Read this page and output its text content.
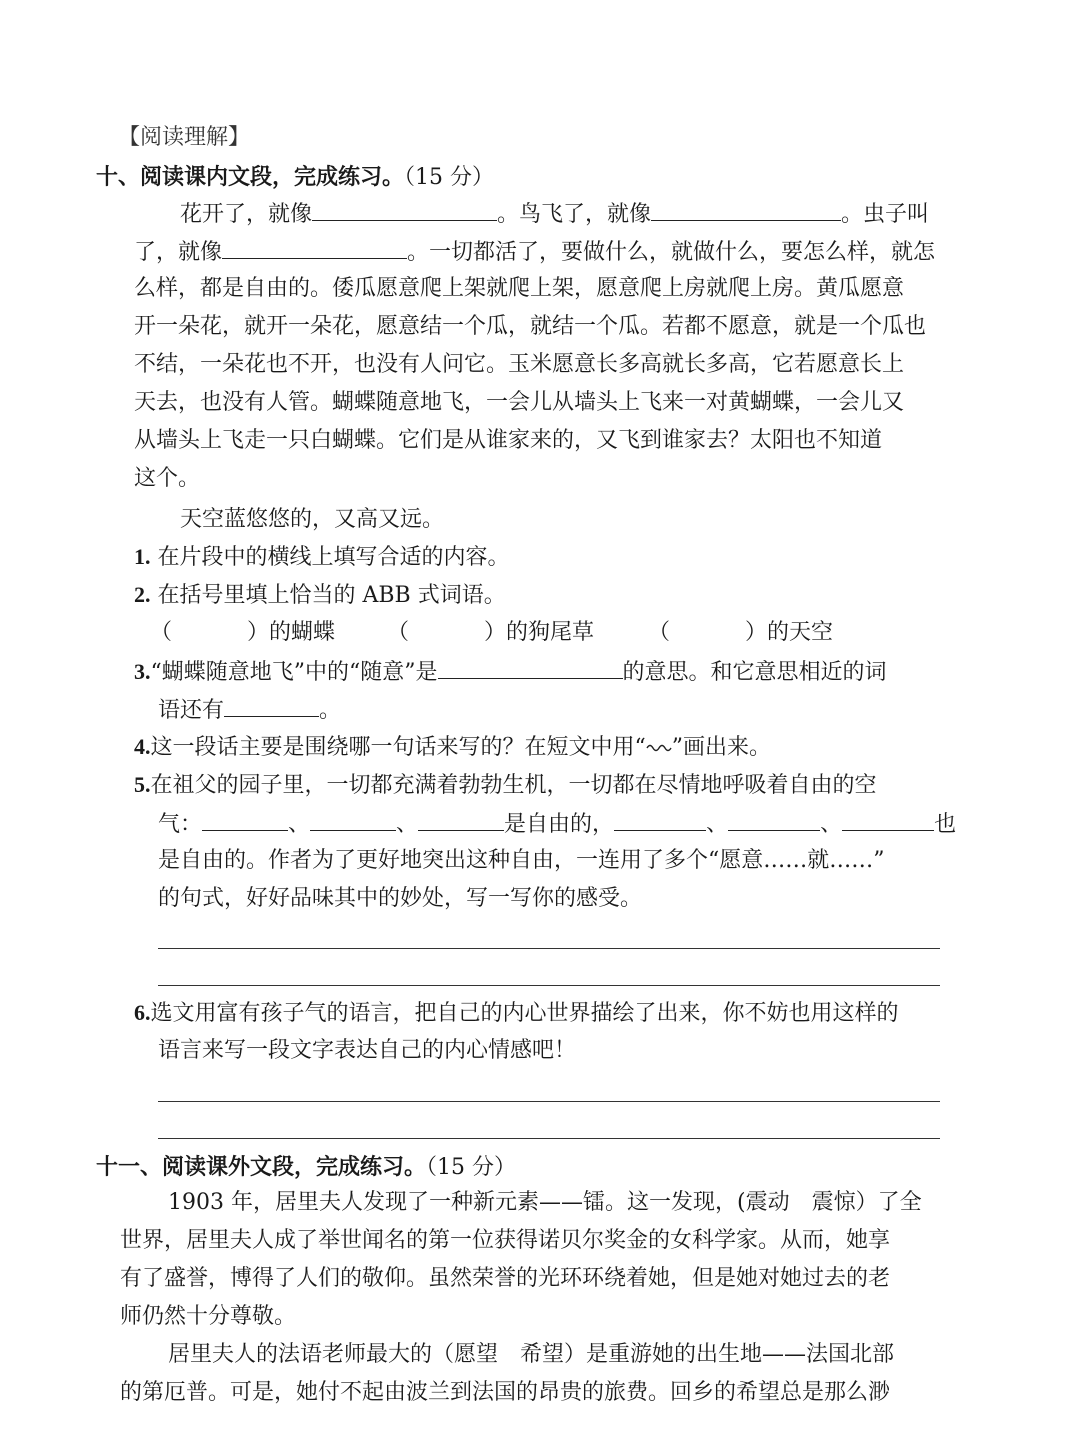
【阅读理解】
十、阅读课内文段，完成练习。（15 分）
花开了，就像	。鸟飞了，就像	。虫子叫
了，就像	。一切都活了，要做什么，就做什么，要怎么样，就怎
么样，都是自由的。倭瓜愿意爬上架就爬上架，愿意爬上房就爬上房。黄瓜愿意
开一朵花，就开一朵花，愿意结一个瓜，就结一个瓜。若都不愿意，就是一个瓜也
不结，一朵花也不开，也没有人问它。玉米愿意长多高就长多高，它若愿意长上
天去，也没有人管。蝴蝶随意地飞，一会儿从墙头上飞来一对黄蝴蝶，一会儿又
从墙头上飞走一只白蝴蝶。它们是从谁家来的，又飞到谁家去？太阳也不知道
这个。
天空蓝悠悠的，又高又远。
1. 在片段中的横线上填写合适的内容。
2. 在括号里填上恰当的 ABB 式词语。
（	）的蝴蝶 （	）的狗尾草 （	）的天空
3.“蝴蝶随意地飞”中的“随意”是	的意思。和它意思相近的词
语还有	。
4.这一段话主要是围绕哪一句话来写的？在短文中用“ ”画出来。
5.在祖父的园子里，一切都充满着勃勃生机，一切都在尽情地呼吸着自由的空
气：	、	、	是自由的，	、	、	也
是自由的。作者为了更好地突出这种自由，一连用了多个“愿意……就……”
的句式，好好品味其中的妙处，写一写你的感受。
6.选文用富有孩子气的语言，把自己的内心世界描绘了出来，你不妨也用这样的
语言来写一段文字表达自己的内心情感吧！
十一、阅读课外文段，完成练习。（15 分）
1903 年，居里夫人发现了一种新元素——镭。这一发现，(震动　震惊）了全
世界，居里夫人成了举世闻名的第一位获得诺贝尔奖金的女科学家。从而，她享
有了盛誉，博得了人们的敬仰。虽然荣誉的光环环绕着她，但是她对她过去的老
师仍然十分尊敬。
居里夫人的法语老师最大的（愿望　希望）是重游她的出生地——法国北部
的第厄普。可是，她付不起由波兰到法国的昂贵的旅费。回乡的希望总是那么渺
